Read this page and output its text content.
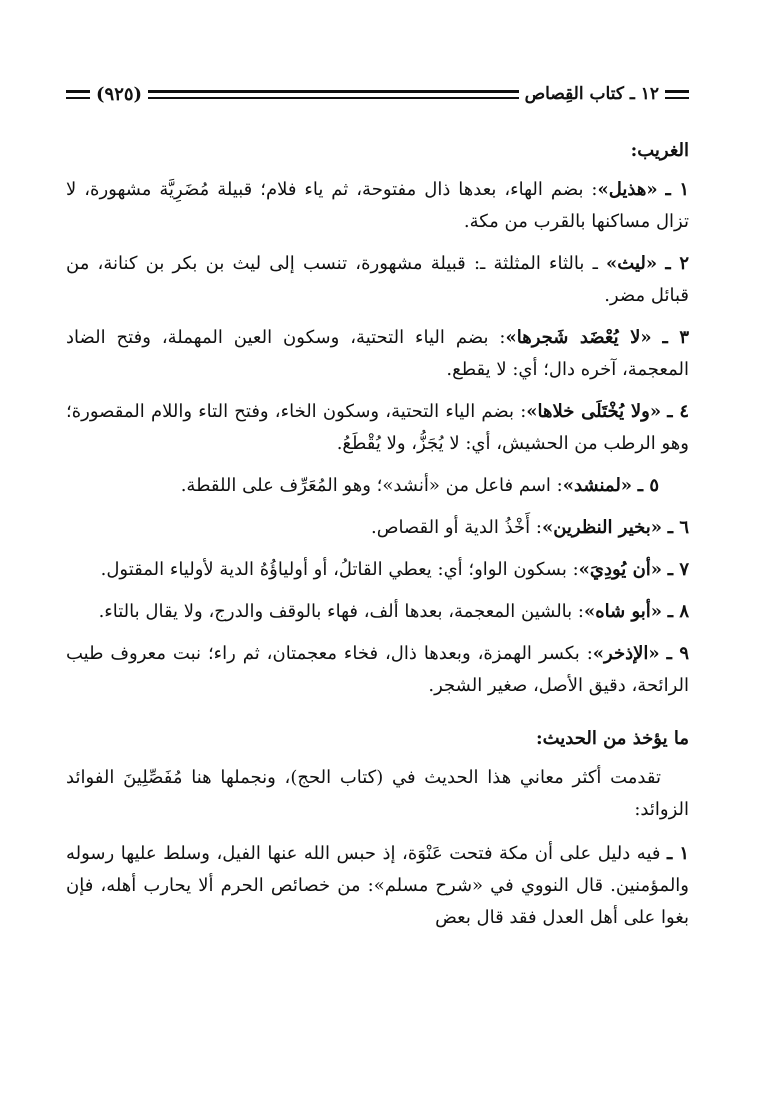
١٢ ـ كتاب القِصاص
(٩٢٥)
الغريب:

١ ـ «هذيل»: بضم الهاء، بعدها ذال مفتوحة، ثم ياء فلام؛ قبيلة مُضَرِيَّة مشهورة، لا تزال مساكنها بالقرب من مكة.

٢ ـ «ليث» ـ بالثاء المثلثة ـ: قبيلة مشهورة، تنسب إلى ليث بن بكر بن كنانة، من قبائل مضر.

٣ ـ «لا يُعْضَد شَجرها»: بضم الياء التحتية، وسكون العين المهملة، وفتح الضاد المعجمة، آخره دال؛ أي: لا يقطع.

٤ ـ «ولا يُخْتَلَى خلاها»: بضم الياء التحتية، وسكون الخاء، وفتح التاء واللام المقصورة؛ وهو الرطب من الحشيش، أي: لا يُجَزُّ، ولا يُقْطَعُ.

٥ ـ «لمنشد»: اسم فاعل من «أنشد»؛ وهو المُعَرِّف على اللقطة.

٦ ـ «بخير النظرين»: أَخْذُ الدية أو القصاص.

٧ ـ «أن يُودِيَ»: بسكون الواو؛ أي: يعطي القاتلُ، أو أولياؤُهُ الدية لأولياء المقتول.

٨ ـ «أبو شاه»: بالشين المعجمة، بعدها ألف، فهاء بالوقف والدرج، ولا يقال بالتاء.

٩ ـ «الإذخر»: بكسر الهمزة، وبعدها ذال، فخاء معجمتان، ثم راء؛ نبت معروف طيب الرائحة، دقيق الأصل، صغير الشجر.

ما يؤخذ من الحديث:

تقدمت أكثر معاني هذا الحديث في (كتاب الحج)، ونجملها هنا مُفَصِّلِينَ الفوائد الزوائد:

١ ـ فيه دليل على أن مكة فتحت عَنْوَة، إذ حبس الله عنها الفيل، وسلط عليها رسوله والمؤمنين. قال النووي في «شرح مسلم»: من خصائص الحرم ألا يحارب أهله، فإن بغوا على أهل العدل فقد قال بعض
